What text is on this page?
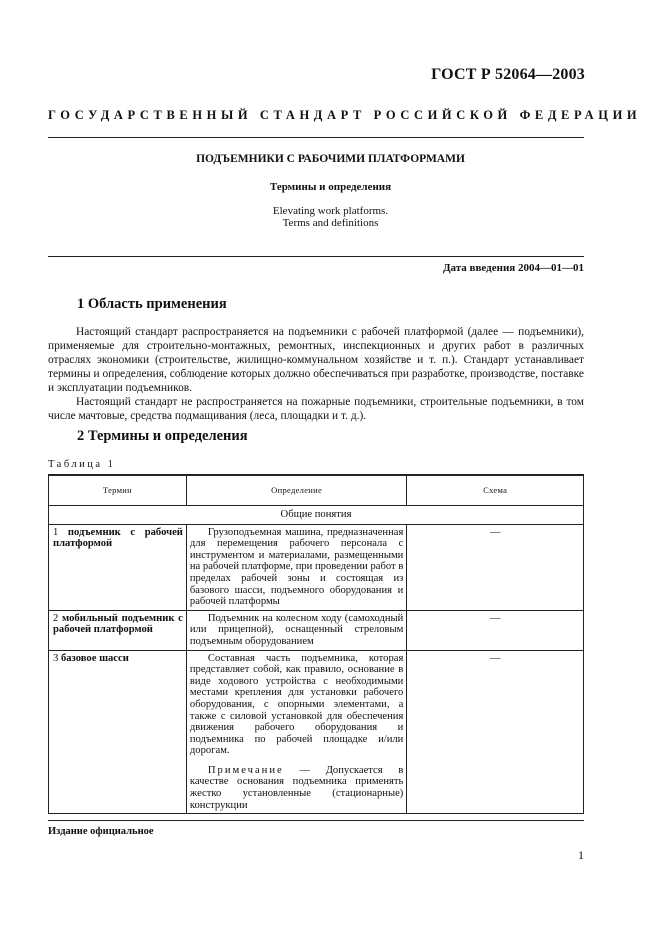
ГОСТ Р 52064—2003
ГОСУДАРСТВЕННЫЙ СТАНДАРТ РОССИЙСКОЙ ФЕДЕРАЦИИ
ПОДЪЕМНИКИ С РАБОЧИМИ ПЛАТФОРМАМИ
Термины и определения
Elevating work platforms.
Terms and definitions
Дата введения 2004—01—01
1 Область применения

Настоящий стандарт распространяется на подъемники с рабочей платформой (далее — подъемники), применяемые для строительно-монтажных, ремонтных, инспекционных и других работ в различных отраслях экономики (строительстве, жилищно-коммунальном хозяйстве и т. п.). Стандарт устанавливает термины и определения, соблюдение которых должно обеспечиваться при разработке, производстве, поставке и эксплуатации подъемников.

Настоящий стандарт не распространяется на пожарные подъемники, строительные подъемники, в том числе мачтовые, средства подмащивания (леса, площадки и т. д.).

2 Термины и определения
Таблица 1
Термин	Определение	Схема
Общие понятия		
1 подъемник с рабочей платформой	Грузоподъемная машина, предназначенная для перемещения рабочего персонала с инструментом и материалами, размещенными на рабочей платформе, при проведении работ в пределах рабочей зоны и состоящая из базового шасси, подъемного оборудования и рабочей платформы	—
2 мобильный подъемник с рабочей платформой	Подъемник на колесном ходу (самоходный или прицепной), оснащенный стреловым подъемным оборудованием	—
3 базовое шасси	Составная часть подъемника, которая представляет собой, как правило, основание в виде ходового устройства с необходимыми местами крепления для установки рабочего оборудования, с опорными элементами, а также с силовой установкой для обеспечения движения рабочего оборудования и подъемника по рабочей площадке и/или дорогам.

Примечание — Допускается в качестве основания подъемника применять жестко установленные (стационарные) конструкции	—
Издание официальное
1
